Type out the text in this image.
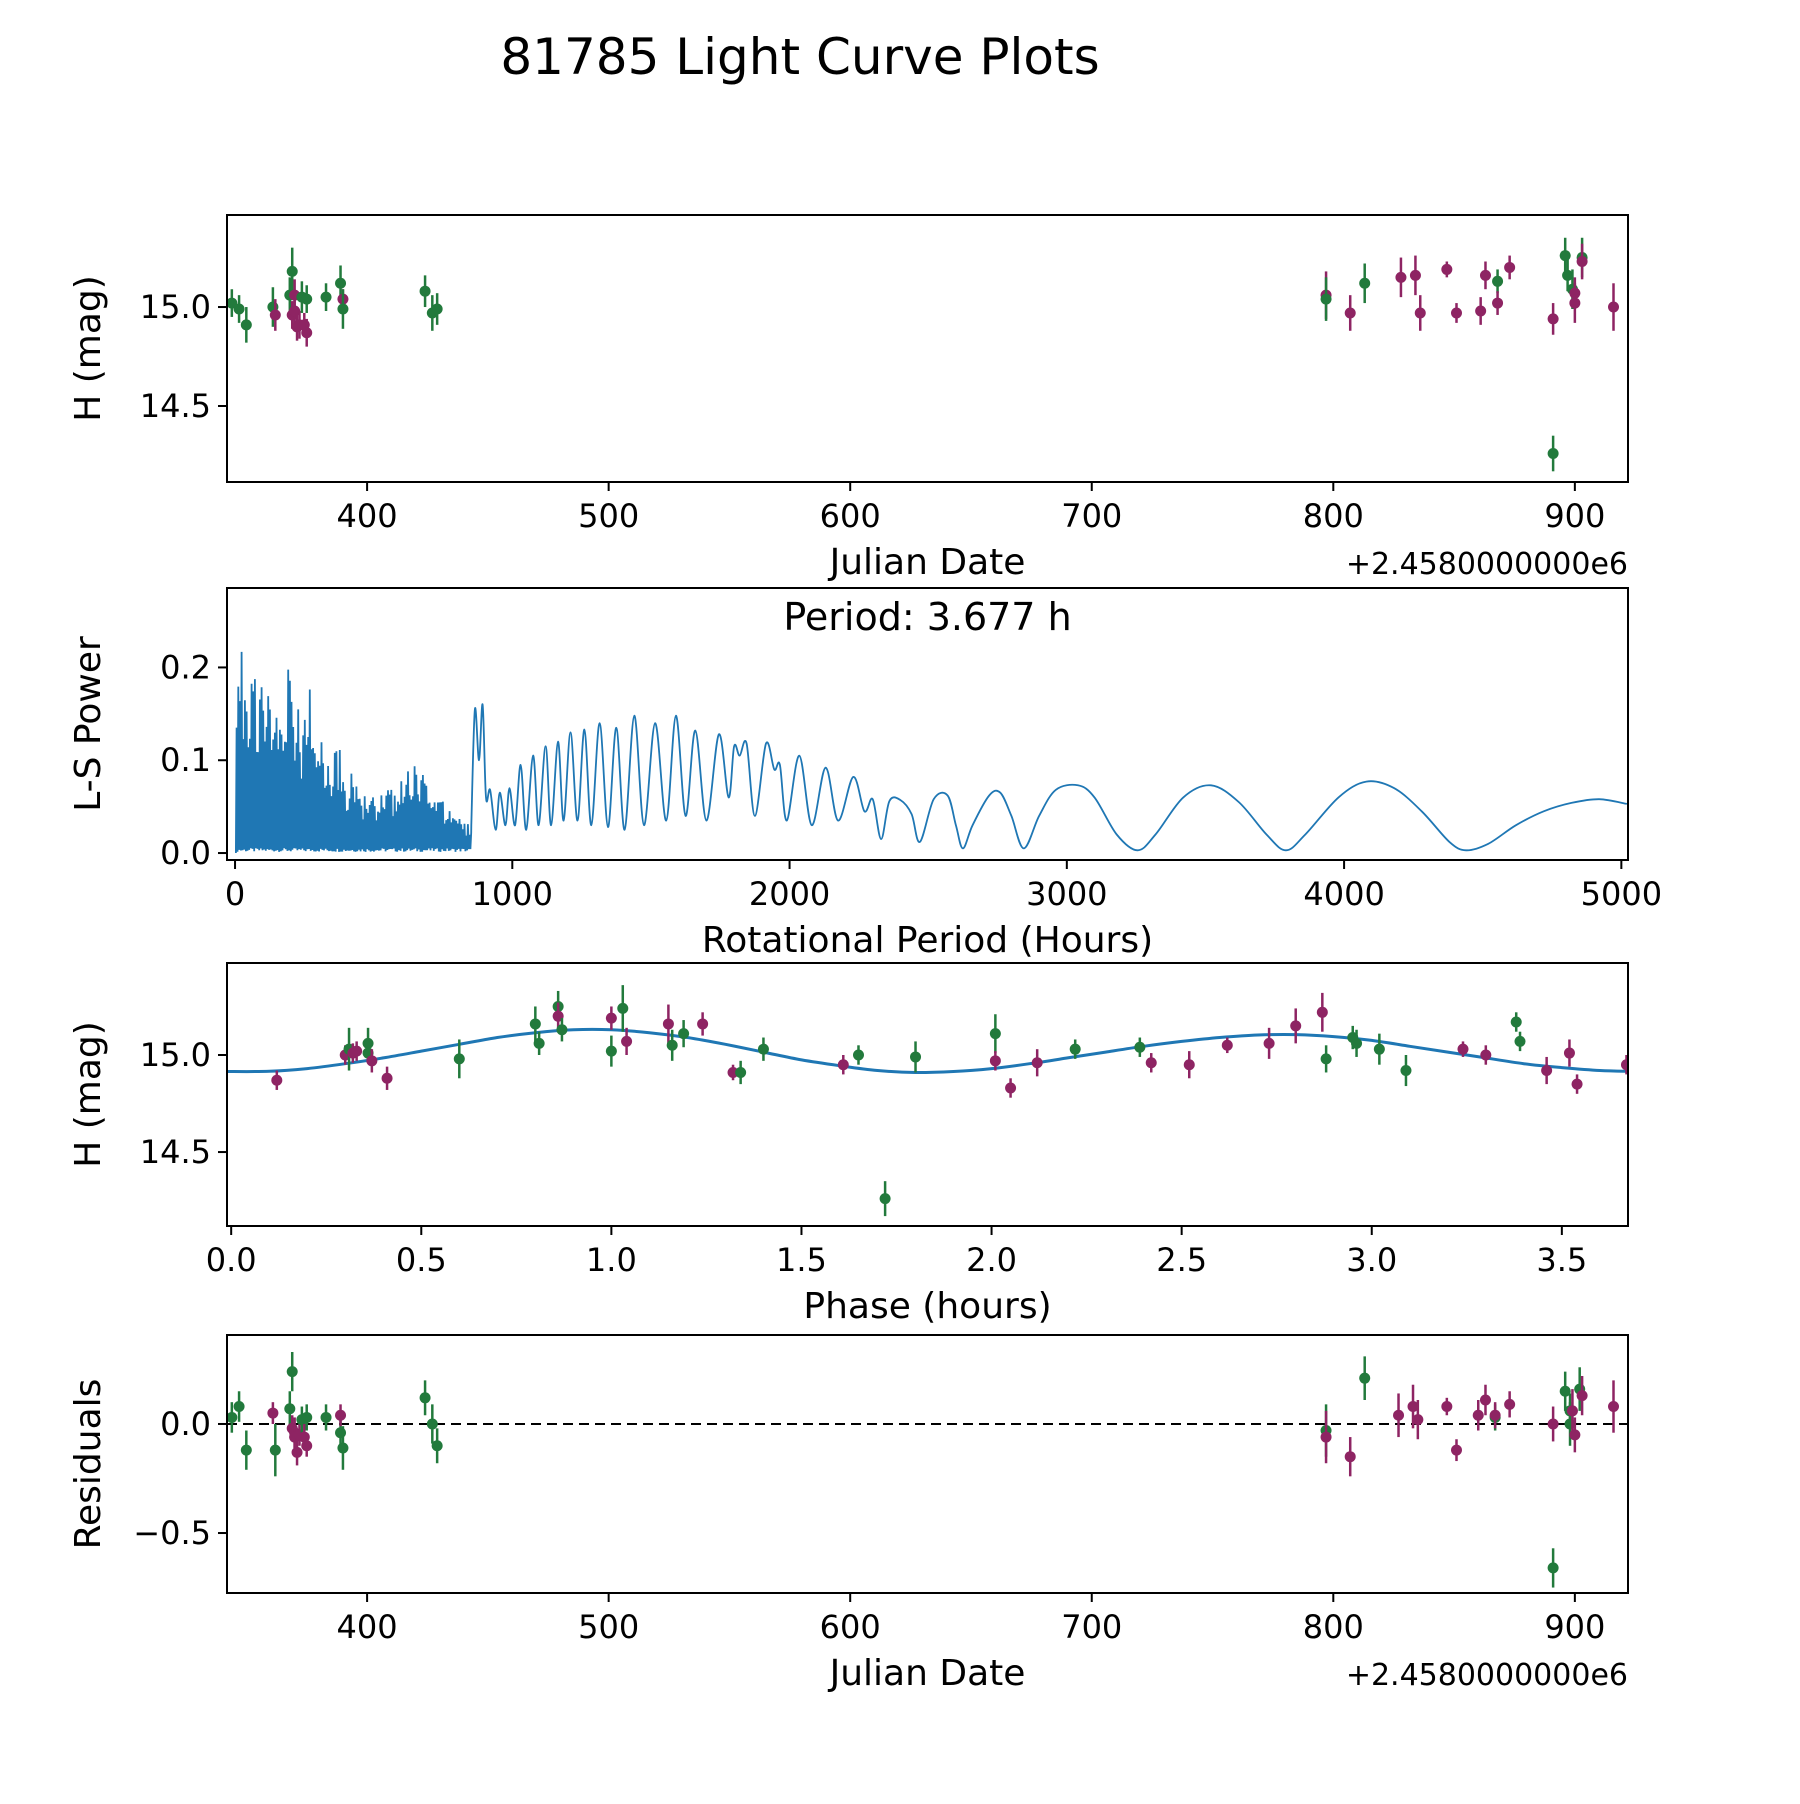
81785 Light Curve Plots
400	500	600	700	800	900
15.0
14.5
Julian Date	+2.4580000000e6
H (mag)
0	1000	2000	3000	4000	5000
0.0
0.1
0.2
Rotational Period (Hours)
L-S Power
Period: 3.677 h
0.0	0.5	1.0	1.5	2.0	2.5	3.0	3.5
15.0
14.5
Phase (hours)
H (mag)
400	500	600	700	800	900
0.0
−0.5
Julian Date	+2.4580000000e6
Residuals
